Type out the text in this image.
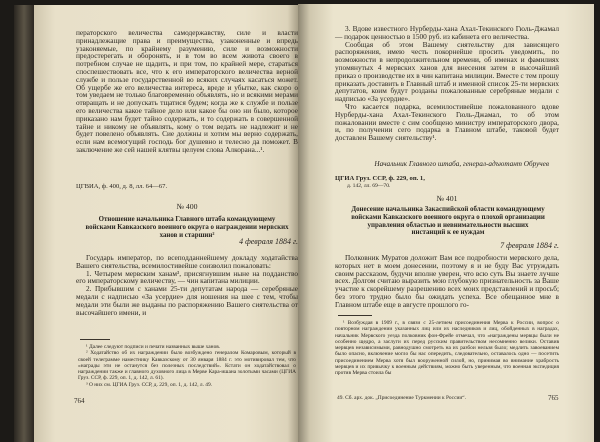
ператорского величества самодержавству, силе и власти принадлежащие права и преимущества, узаконенные и впредь узаконяемые, по крайнему разумению, силе и возможности предостерегать и оборонять, и в том во всем живота своего в потребном случае не щадить, и при том, по крайней мере, стараться споспешествовать все, что к его императорского величества верной службе и пользе государственной во всяких случаях касаться может. Об ущербе же его величества интереса, вреде и убытке, как скоро о том уведаем не только благовременно объявлять, но и всякими мерами отвращать и не допускать тщатися будем; когда же к службе и пользе его величества какое тайное дело или какое бы оно ни было, которое приказано нам будет тайно содержать, и то содержать в совершенной тайне и никому не объявлять, кому о том ведать не надлежит и не будет повелено объявлять. Сие должны и хотим мы верно содержать, если нам всемогущий господь бог душевно и телесно да поможет. В заключение же сей нашей клятвы целуем слова Алкорана...¹.

ЦГВИА, ф. 400, д. 8, лл. 64—67.
№ 400
Отношение начальника Главного штаба командующему войсками Кавказского военного округа о награждении мервских ханов и старшин²
4 февраля 1884 г.

Государь император, по всеподданнейшему докладу ходатайства Вашего сиятельства, всемилостивейше соизволил пожаловать:

1. Четырем мервским ханам³, присягнувшим ныне на подданство его императорскому величеству, — чин капитана милиции.

2. Прибывшим с ханами 25-ти депутатам народа — серебряные медали с надписью «За усердие» для ношения на шее с тем, чтобы медали эти были же выданы по распоряжению Вашего сиятельства от высочайшего имени, и

¹ Далее следуют подписи и печати названных выше ханов.

² Ходатайство об их награждении было возбуждено генералом Комаровым, который в своей телеграмме наместнику Кавказскому от 30 января 1884 г. это мотивировал тем, что «награды эти не останутся без полезных последствий». Кстати он ходатайствовал о награждении также и главного духовного лица в Мерве Кара-ишана золотыми часами (ЦГИА Груз. ССР, ф. 229, оп. 1, д. 142, л. 61).

³ О них см. ЦГИА Груз. ССР, д. 229, оп. 1, д. 142, л. 49.

764

3. Вдове известного Нурберды-хана Ахал-Текинского Гюль-Джамал — подарок ценностью в 1500 руб. из кабинета его величества.

Сообщая об этом Вашему сиятельству для зависящего распоряжения, имею честь покорнейше просить уведомить, по возможности в непродолжительном времени, об именах и фамилиях упомянутых 4 мервских ханов для внесения затем в высочайший приказ о производстве их в чин капитана милиции. Вместе с тем прошу приказать доставить в Главный штаб и именной список 25-ти мервских депутатов, коим будут розданы пожалованные серебряные медали с надписью «За усердие».

Что касается подарка, всемилостивейше пожалованного вдове Нурберды-хана Ахал-Текинского Гюль-Джамал, то об этом пожаловании вместе с сим сообщено министру императорского двора, и, по получении сего подарка в Главном штабе, таковой будет доставлен Вашему сиятельству¹.

Начальник Главного штаба, генерал-адъютант Обручев
ЦГИА Груз. ССР, ф. 229, оп. 1,
д. 142, лл. 69—70.
№ 401
Донесение начальника Закаспийской области командующему войсками Кавказского военного округа о плохой организации управления областью и невнимательности высших инстанций к ее нуждам
7 февраля 1884 г.

Полковник Муратов доложит Вам все подробности мервского дела, которых нет в моем донесении, поэтому я и не буду Вас утруждать своим рассказом, будучи вполне уверен, что всю суть Вы знаете лучше всех. Долгом считаю выразить мою глубокую признательность за Ваше участие к скорейшему разрешению всех моих представлений и просьб; без этого трудно было бы ожидать успеха. Все обещанное мне в Главном штабе еще в августе прошлого го-

¹ Возбуждая в 1909 г., в связи с 25-летием присоединения Мерва к России, вопрос о повторном награждении указанных лиц или их наследников и лиц, обойденных в наградах, начальник Мервского уезда полковник фон-Фрейе отмечал, что «награждены мервцы были не особенно щедро, а заслуги их перед русским правительством несомненно велики. Оставив мервцев независимыми, равнодушно смотреть на их разбои нельзя было; медлить завоеванием было опасно, включение могло бы нас опередить, следовательно, оставалось одно — посетить присоединением Мерва хотя был вооруженной силой, но, принимая во внимание храбрость мервцев и их привычку к военным действиям, можно быть уверенным, что военная экспедиция против Мерва стоила бы

49. Сб. арх. док. „Присоединение Туркмении к России“.	765
